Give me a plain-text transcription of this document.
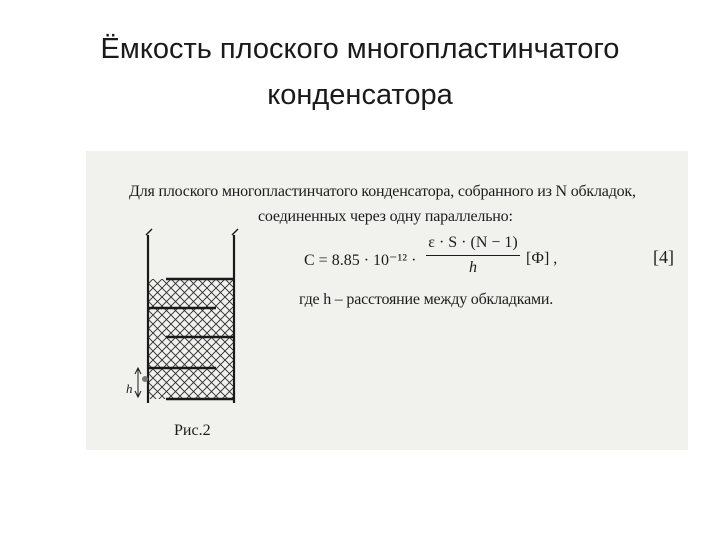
Ёмкость плоского многопластинчатого конденсатора
Для плоского многопластинчатого конденсатора, собранного из N обкладок,
соединенных через одну параллельно:
C = 8.85 · 10⁻¹² ·
ε · S · (N − 1)
h
[Ф] ,	[4]
где h – расстояние между обкладками.
h
Рис.2
